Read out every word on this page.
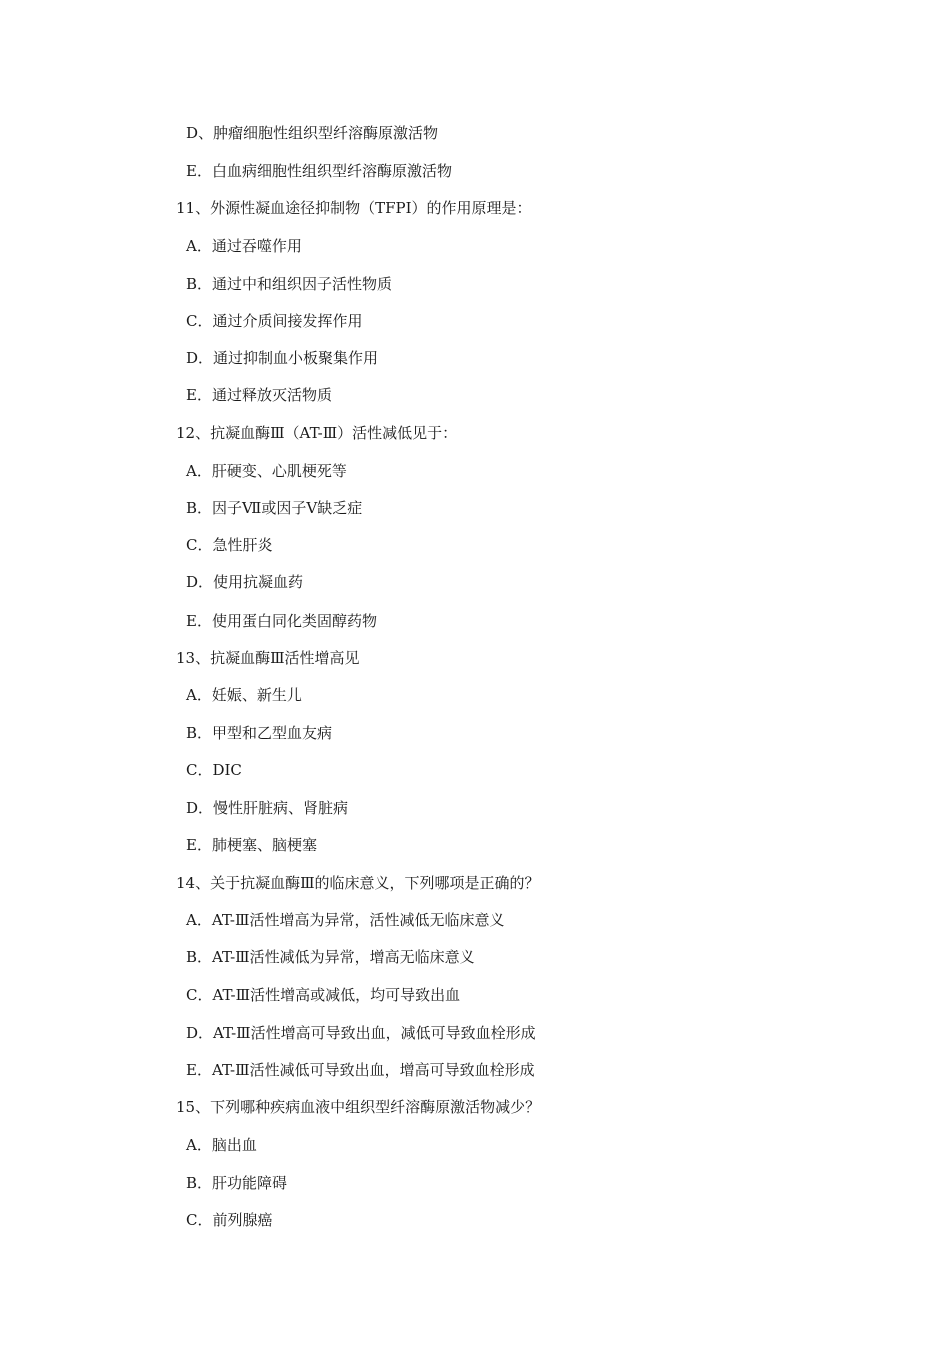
D、肿瘤细胞性组织型纤溶酶原激活物
E．白血病细胞性组织型纤溶酶原激活物
11、外源性凝血途径抑制物（TFPI）的作用原理是：
A．通过吞噬作用
B．通过中和组织因子活性物质
C．通过介质间接发挥作用
D．通过抑制血小板聚集作用
E．通过释放灭活物质
12、抗凝血酶Ⅲ（AT-Ⅲ）活性减低见于：
A．肝硬变、心肌梗死等
B．因子Ⅶ或因子Ⅴ缺乏症
C．急性肝炎
D．使用抗凝血药
E．使用蛋白同化类固醇药物
13、抗凝血酶Ⅲ活性增高见
A．妊娠、新生儿
B．甲型和乙型血友病
C．DIC
D．慢性肝脏病、肾脏病
E．肺梗塞、脑梗塞
14、关于抗凝血酶Ⅲ的临床意义，下列哪项是正确的？
A．AT-Ⅲ活性增高为异常，活性减低无临床意义
B．AT-Ⅲ活性减低为异常，增高无临床意义
C．AT-Ⅲ活性增高或减低，均可导致出血
D．AT-Ⅲ活性增高可导致出血，减低可导致血栓形成
E．AT-Ⅲ活性减低可导致出血，增高可导致血栓形成
15、下列哪种疾病血液中组织型纤溶酶原激活物减少？
A．脑出血
B．肝功能障碍
C．前列腺癌
